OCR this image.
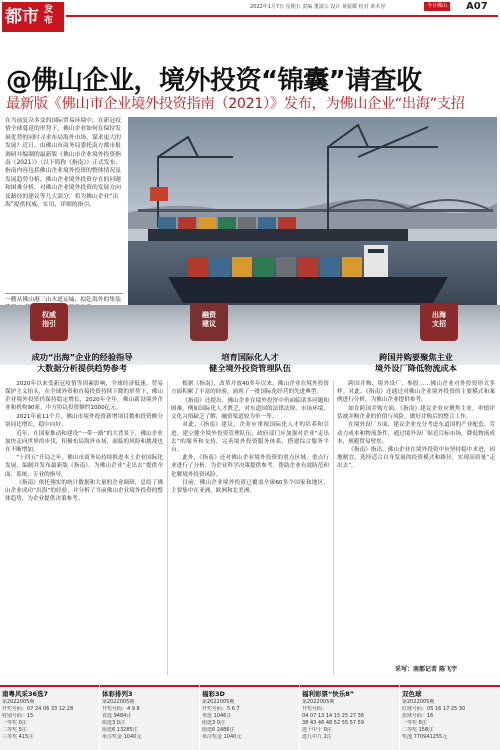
都市 发布
2022年1月7日 星期五 责编 董淑云 设计 黄振耀 校对 黄木容	今日佛山	A07
@佛山企业，境外投资“锦囊”请查收
最新版《佛山市企业境外投资指南（2021）》发布，为佛山企业“出海”支招
在当前复杂多变的国际贸易环境中，在新冠疫情全球蔓延的形势下，佛山企业如何在保持发展优势的同时寻求布局海外市场，谋求更大的发展？近日，由佛山市商务局委托南方都市报调研并编制的最新版《佛山市企业境外投资指南（2021）》（以下简称《指南》）正式发布，指南内容包括佛山企业境外投资的整体情况及发展趋势分析、佛山企业境外投资存在的问题和困难分析，对佛山企业境外投资的发展方向及路径的建议等几大部分，将为佛山企业“出海”提供权威、实用、详细的指引。
一艘从佛山港三山水道运输，拟赴海外的集装
权威指引
融资建议
出海支招
成功“出海”企业的经验指导
大数据分析提供趋势参考
培育国际化人才
健全境外投资管理队伍
跨国并购要聚焦主业
境外设厂降低物流成本

2020年以来受新冠疫情等因素影响，全球经济低迷、贸易保护主义抬头，在全球外资和直接投资持续下降的形势下，佛山企业境外投资仍保持稳定增长，2020年全年，佛山新设境外企业和机构90家，中方协议投资额约1000亿元。

2021年前11个月，佛山市境外投资新增项目数和投资额分别同比增长，稳中向好。

近年，在国家推动和建设“一带一路”的大背景下，佛山企业加快走向世界的步伐，积极布局海外市场，面临的风险和挑战也在不断增加。

“十四五”开局之年，佛山市商务局持续推进本土企业国际化发展，编制并发布最新版《指南》，为佛山企业“走出去”提供全面、系统、专业的指导。

《指南》依托翔实的统计数据和大量的企业调研，总结了佛山企业成功“出海”的经验，并分析了当前佛山企业境外投资的整体趋势，为企业提供决策参考。

根据《指南》，改革开放40多年以来，佛山企业在境外投资方面积累了丰富的经验，涌现了一批国际化经营的先进典型。

《指南》还提出，佛山企业在境外投资中仍面临诸多问题和困难，例如国际化人才匮乏，对东道国的法律法规、市场环境、文化习俗缺乏了解，融资渠道较为单一等。

对此，《指南》建议，企业应重视国际化人才的培养和引进，建立健全境外投资管理队伍；政府部门应加强对企业“走出去”的服务和支持，完善境外投资服务体系，搭建综合服务平台。

此外，《指南》还对佛山企业境外投资的重点区域、重点行业进行了分析，为企业科学决策提供参考，帮助企业有效防范和化解境外投资风险。

目前，佛山企业境外投资已覆盖全球60多个国家和地区，主要集中在亚洲、欧洲和北美洲。

跨国并购、境外设厂、参股……佛山企业对外投资形式多样。对此，《指南》还通过对佛山企业境外投资的主要模式和案例进行分析，为佛山企业提供参考。

如在跨国并购方面，《指南》建议企业应聚焦主业，审慎评估被并购企业的价值与风险，做好并购后的整合工作。

在境外设厂方面，建议企业充分考虑东道国的产业配套、劳动力成本和物流条件，通过境外设厂贴近目标市场，降低物流成本，规避贸易壁垒。

《指南》指出，佛山企业在境外投资中应坚持稳中求进，因地制宜，选择适合自身发展的投资模式和路径，实现高质量“走出去”。

采写：南都记者 陈飞宇
南粤风采36选7
第2022005期
开奖号码：07 24 06 33 12 28
特别号码：15
一等奖 0注
二等奖 5注
三等奖 415注
体彩排列3
第2022005期
开奖号码：4 9 8
直选 9484注
组选3 0注
组选6 13285注
单注奖金 1040元
福彩3D
第2022005期
开奖号码：5 6 7
单选 1046注
组选3 0注
组选6 2486注
单注奖金 1040元
福利彩票“快乐8”
第2022005期
开奖号码：
04 07 13 14 15 25 27 36
38 43 46 48 52 55 57 59
选十中十 0注
选九中九 2注
双色球
第2022005期
红球号码：05 16 17 25 30
蓝球号码：16
一等奖 8注
二等奖 158注
奖池 770941255元
